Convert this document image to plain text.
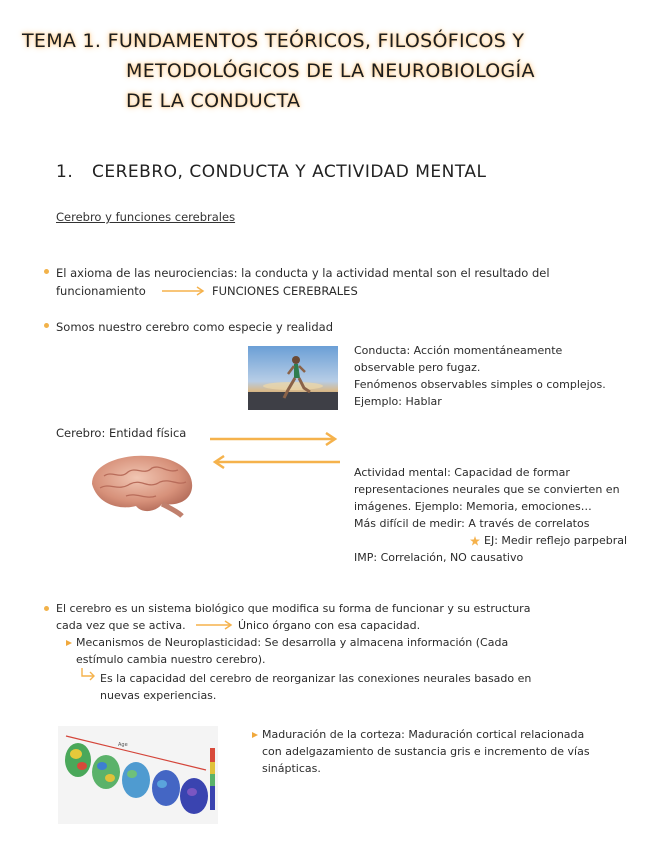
TEMA 1. FUNDAMENTOS TEÓRICOS, FILOSÓFICOS Y
METODOLÓGICOS DE LA NEUROBIOLOGÍA
DE LA CONDUCTA
1. CEREBRO, CONDUCTA Y ACTIVIDAD MENTAL
Cerebro y funciones cerebrales
El axioma de las neurociencias: la conducta y la actividad mental son el resultado del
funcionamiento	FUNCIONES CEREBRALES
Somos nuestro cerebro como especie y realidad
Conducta: Acción momentáneamente
observable pero fugaz.
Fenómenos observables simples o complejos.
Ejemplo: Hablar
Cerebro: Entidad física
Actividad mental: Capacidad de formar
representaciones neurales que se convierten en
imágenes. Ejemplo: Memoria, emociones…
Más difícil de medir: A través de correlatos
EJ: Medir reflejo parpebral
IMP: Correlación, NO causativo
El cerebro es un sistema biológico que modifica su forma de funcionar y su estructura
cada vez que se activa.	Único órgano con esa capacidad.
Mecanismos de Neuroplasticidad: Se desarrolla y almacena información (Cada
estímulo cambia nuestro cerebro).
Es la capacidad del cerebro de reorganizar las conexiones neurales basado en
nuevas experiencias.
Age
Maduración de la corteza: Maduración cortical relacionada
con adelgazamiento de sustancia gris e incremento de vías
sinápticas.
